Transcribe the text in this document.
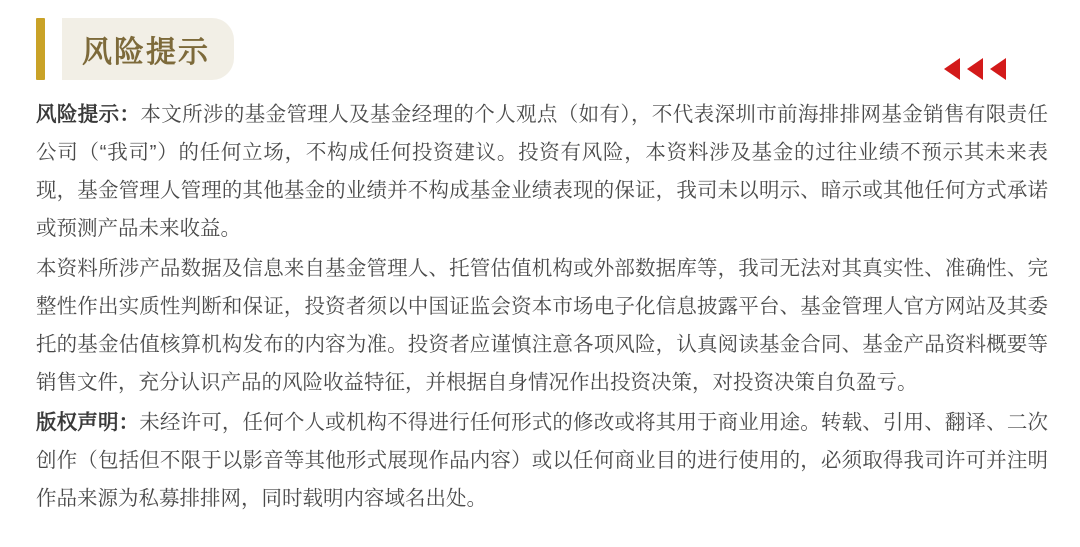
风险提示

风险提示：本文所涉的基金管理人及基金经理的个人观点（如有），不代表深圳市前海排排网基金销售有限责任公司（“我司”）的任何立场，不构成任何投资建议。投资有风险，本资料涉及基金的过往业绩不预示其未来表现，基金管理人管理的其他基金的业绩并不构成基金业绩表现的保证，我司未以明示、暗示或其他任何方式承诺或预测产品未来收益。

本资料所涉产品数据及信息来自基金管理人、托管估值机构或外部数据库等，我司无法对其真实性、准确性、完整性作出实质性判断和保证，投资者须以中国证监会资本市场电子化信息披露平台、基金管理人官方网站及其委托的基金估值核算机构发布的内容为准。投资者应谨慎注意各项风险，认真阅读基金合同、基金产品资料概要等销售文件，充分认识产品的风险收益特征，并根据自身情况作出投资决策，对投资决策自负盈亏。

版权声明：未经许可，任何个人或机构不得进行任何形式的修改或将其用于商业用途。转载、引用、翻译、二次创作（包括但不限于以影音等其他形式展现作品内容）或以任何商业目的进行使用的，必须取得我司许可并注明作品来源为私募排排网，同时载明内容域名出处。
